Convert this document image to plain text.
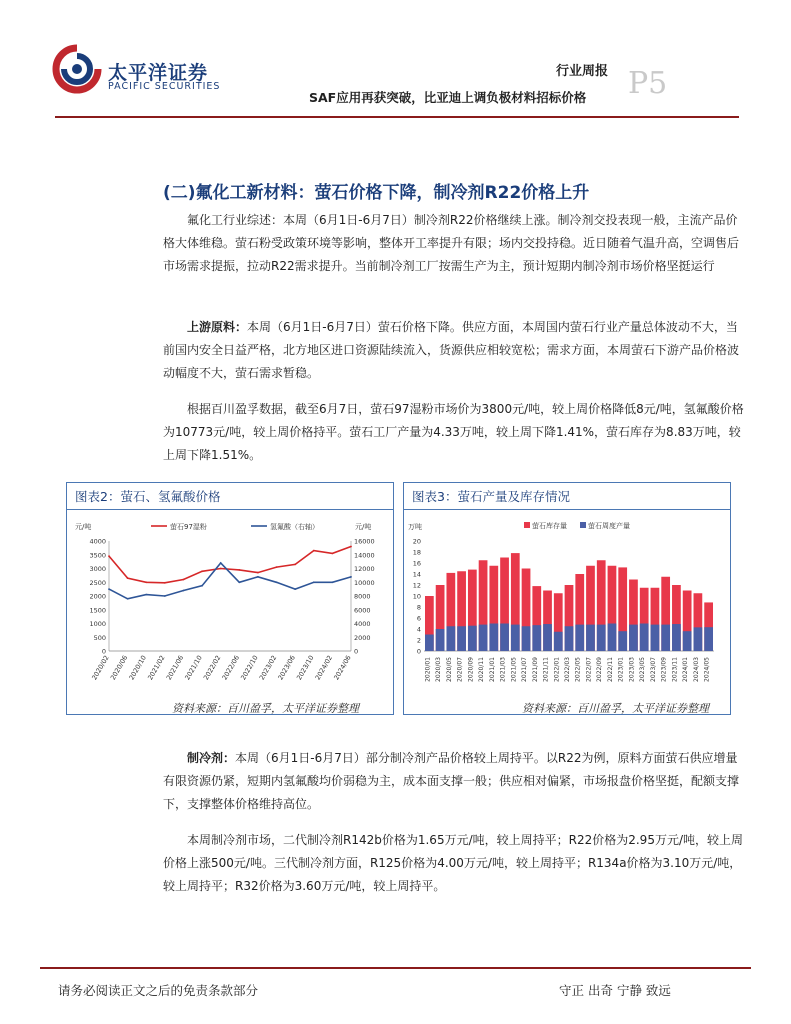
太平洋证券
PACIFIC SECURITIES
行业周报 P5
SAF应用再获突破，比亚迪上调负极材料招标价格
(二)氟化工新材料：萤石价格下降，制冷剂R22价格上升

氟化工行业综述：本周（6月1日-6月7日）制冷剂R22价格继续上涨。制冷剂交投表现一般，主流产品价格大体维稳。萤石粉受政策环境等影响，整体开工率提升有限；场内交投持稳。近日随着气温升高，空调售后市场需求提振，拉动R22需求提升。当前制冷剂工厂按需生产为主，预计短期内制冷剂市场价格坚挺运行

上游原料：本周（6月1日-6月7日）萤石价格下降。供应方面，本周国内萤石行业产量总体波动不大，当前国内安全日益严格，北方地区进口资源陆续流入，货源供应相较宽松；需求方面，本周萤石下游产品价格波动幅度不大，萤石需求暂稳。

根据百川盈孚数据，截至6月7日，萤石97湿粉市场价为3800元/吨，较上周价格降低8元/吨，氢氟酸价格为10773元/吨，较上周价格持平。萤石工厂产量为4.33万吨，较上周下降1.41%，萤石库存为8.83万吨，较上周下降1.51%。

图表2：萤石、氢氟酸价格
元/吨	元/吨
0
500
1000
1500
2000
2500
3000
3500
4000
0
2000
4000
6000
8000
10000
12000
14000
16000
2020/02
2020/06
2020/10
2021/02
2021/06
2021/10
2022/02
2022/06
2022/10
2023/02
2023/06
2023/10
2024/02
2024/06
萤石97湿粉	氢氟酸（右轴）
图表3：萤石产量及库存情况
万吨
0
2
4
6
8
10
12
14
16
18
20
2020/01 2020/03 2020/05 2020/07 2020/09 2020/11 2021/01 2021/03 2021/05 2021/07 2021/09 2021/11 2022/01 2022/03 2022/05 2022/07 2022/09 2022/11 2023/01 2023/03 2023/05 2023/07 2023/09 2023/11 2024/01 2024/03 2024/05
萤石库存量	萤石周度产量
资料来源：百川盈孚，太平洋证券整理	资料来源：百川盈孚，太平洋证券整理

制冷剂：本周（6月1日-6月7日）部分制冷剂产品价格较上周持平。以R22为例，原料方面萤石供应增量有限资源仍紧，短期内氢氟酸均价弱稳为主，成本面支撑一般；供应相对偏紧，市场报盘价格坚挺，配额支撑下，支撑整体价格维持高位。

本周制冷剂市场，二代制冷剂R142b价格为1.65万元/吨，较上周持平；R22价格为2.95万元/吨，较上周价格上涨500元/吨。三代制冷剂方面，R125价格为4.00万元/吨，较上周持平；R134a价格为3.10万元/吨，较上周持平；R32价格为3.60万元/吨，较上周持平。

请务必阅读正文之后的免责条款部分	守正 出奇 宁静 致远
